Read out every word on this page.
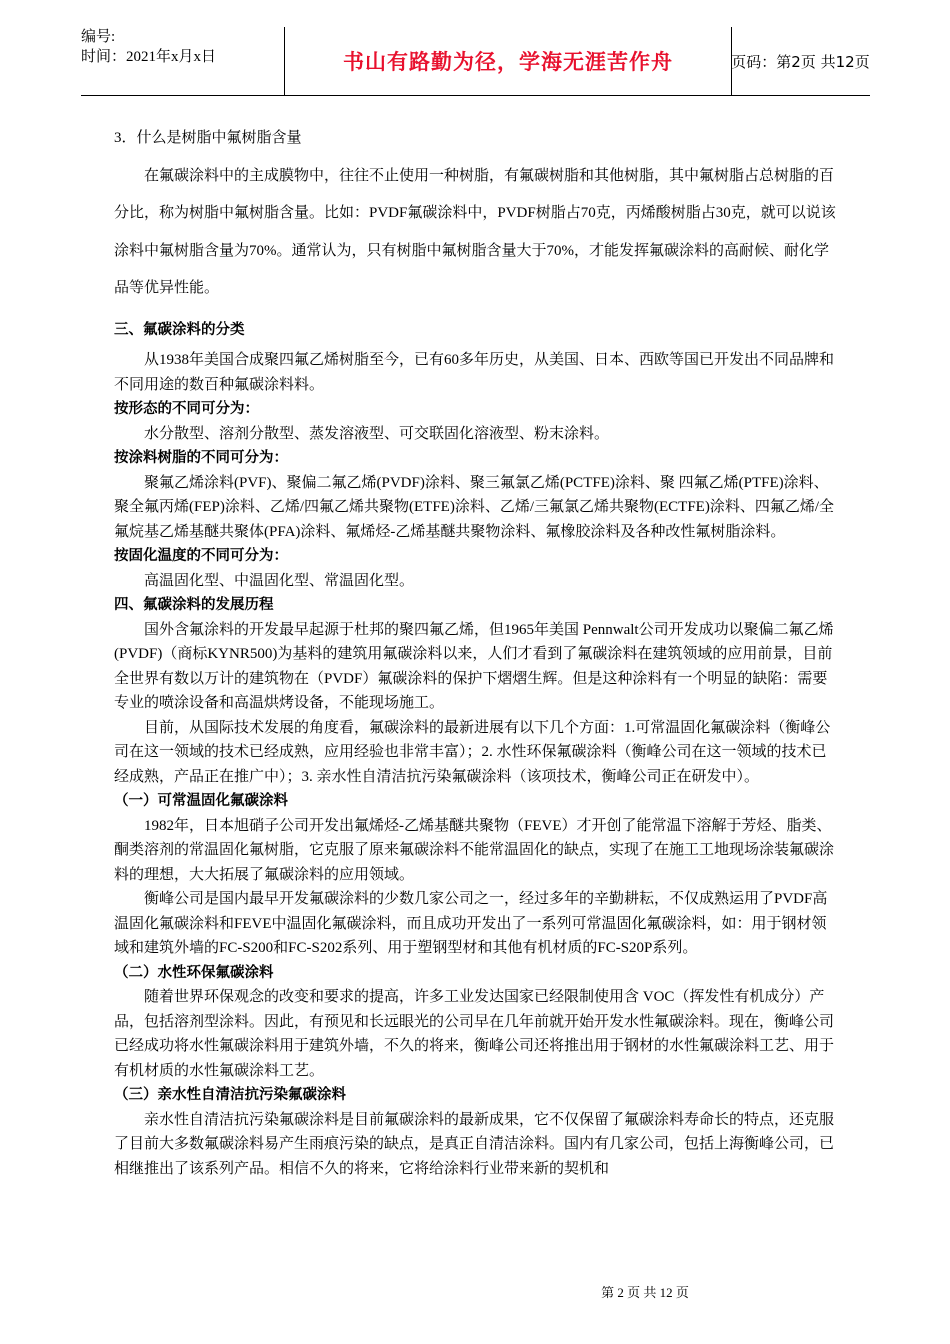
编号:
时间：2021年x月x日	书山有路勤为径，学海无涯苦作舟	页码：第2页 共12页

3．什么是树脂中氟树脂含量

在氟碳涂料中的主成膜物中，往往不止使用一种树脂，有氟碳树脂和其他树脂，其中氟树脂占总树脂的百分比，称为树脂中氟树脂含量。比如：PVDF氟碳涂料中，PVDF树脂占70克，丙烯酸树脂占30克，就可以说该涂料中氟树脂含量为70%。通常认为，只有树脂中氟树脂含量大于70%，才能发挥氟碳涂料的高耐候、耐化学品等优异性能。

三、氟碳涂料的分类

从1938年美国合成聚四氟乙烯树脂至今，已有60多年历史，从美国、日本、西欧等国已开发出不同品牌和不同用途的数百种氟碳涂料料。

按形态的不同可分为：

水分散型、溶剂分散型、蒸发溶液型、可交联固化溶液型、粉末涂料。

按涂料树脂的不同可分为：

聚氟乙烯涂料(PVF)、聚偏二氟乙烯(PVDF)涂料、聚三氟氯乙烯(PCTFE)涂料、聚 四氟乙烯(PTFE)涂料、聚全氟丙烯(FEP)涂料、乙烯/四氟乙烯共聚物(ETFE)涂料、乙烯/三氟氯乙烯共聚物(ECTFE)涂料、四氟乙烯/全氟烷基乙烯基醚共聚体(PFA)涂料、氟烯烃-乙烯基醚共聚物涂料、氟橡胶涂料及各种改性氟树脂涂料。

按固化温度的不同可分为：

高温固化型、中温固化型、常温固化型。

四、氟碳涂料的发展历程

国外含氟涂料的开发最早起源于杜邦的聚四氟乙烯，但1965年美国 Pennwalt公司开发成功以聚偏二氟乙烯(PVDF)（商标KYNR500)为基料的建筑用氟碳涂料以来，人们才看到了氟碳涂料在建筑领域的应用前景，目前全世界有数以万计的建筑物在（PVDF）氟碳涂料的保护下熠熠生辉。但是这种涂料有一个明显的缺陷：需要专业的喷涂设备和高温烘烤设备，不能现场施工。

目前，从国际技术发展的角度看，氟碳涂料的最新进展有以下几个方面：1.可常温固化氟碳涂料（衡峰公司在这一领域的技术已经成熟，应用经验也非常丰富）；2. 水性环保氟碳涂料（衡峰公司在这一领域的技术已经成熟，产品正在推广中）；3. 亲水性自清洁抗污染氟碳涂料（该项技术，衡峰公司正在研发中）。

（一）可常温固化氟碳涂料

1982年，日本旭硝子公司开发出氟烯烃-乙烯基醚共聚物（FEVE）才开创了能常温下溶解于芳烃、脂类、酮类溶剂的常温固化氟树脂，它克服了原来氟碳涂料不能常温固化的缺点，实现了在施工工地现场涂装氟碳涂料的理想，大大拓展了氟碳涂料的应用领域。

衡峰公司是国内最早开发氟碳涂料的少数几家公司之一，经过多年的辛勤耕耘，不仅成熟运用了PVDF高温固化氟碳涂料和FEVE中温固化氟碳涂料，而且成功开发出了一系列可常温固化氟碳涂料，如：用于钢材领域和建筑外墙的FC-S200和FC-S202系列、用于塑钢型材和其他有机材质的FC-S20P系列。

（二）水性环保氟碳涂料

随着世界环保观念的改变和要求的提高，许多工业发达国家已经限制使用含 VOC（挥发性有机成分）产品，包括溶剂型涂料。因此，有预见和长远眼光的公司早在几年前就开始开发水性氟碳涂料。现在，衡峰公司已经成功将水性氟碳涂料用于建筑外墙，不久的将来，衡峰公司还将推出用于钢材的水性氟碳涂料工艺、用于有机材质的水性氟碳涂料工艺。

（三）亲水性自清洁抗污染氟碳涂料

亲水性自清洁抗污染氟碳涂料是目前氟碳涂料的最新成果，它不仅保留了氟碳涂料寿命长的特点，还克服了目前大多数氟碳涂料易产生雨痕污染的缺点，是真正自清洁涂料。国内有几家公司，包括上海衡峰公司，已相继推出了该系列产品。相信不久的将来，它将给涂料行业带来新的契机和

第 2 页 共 12 页
